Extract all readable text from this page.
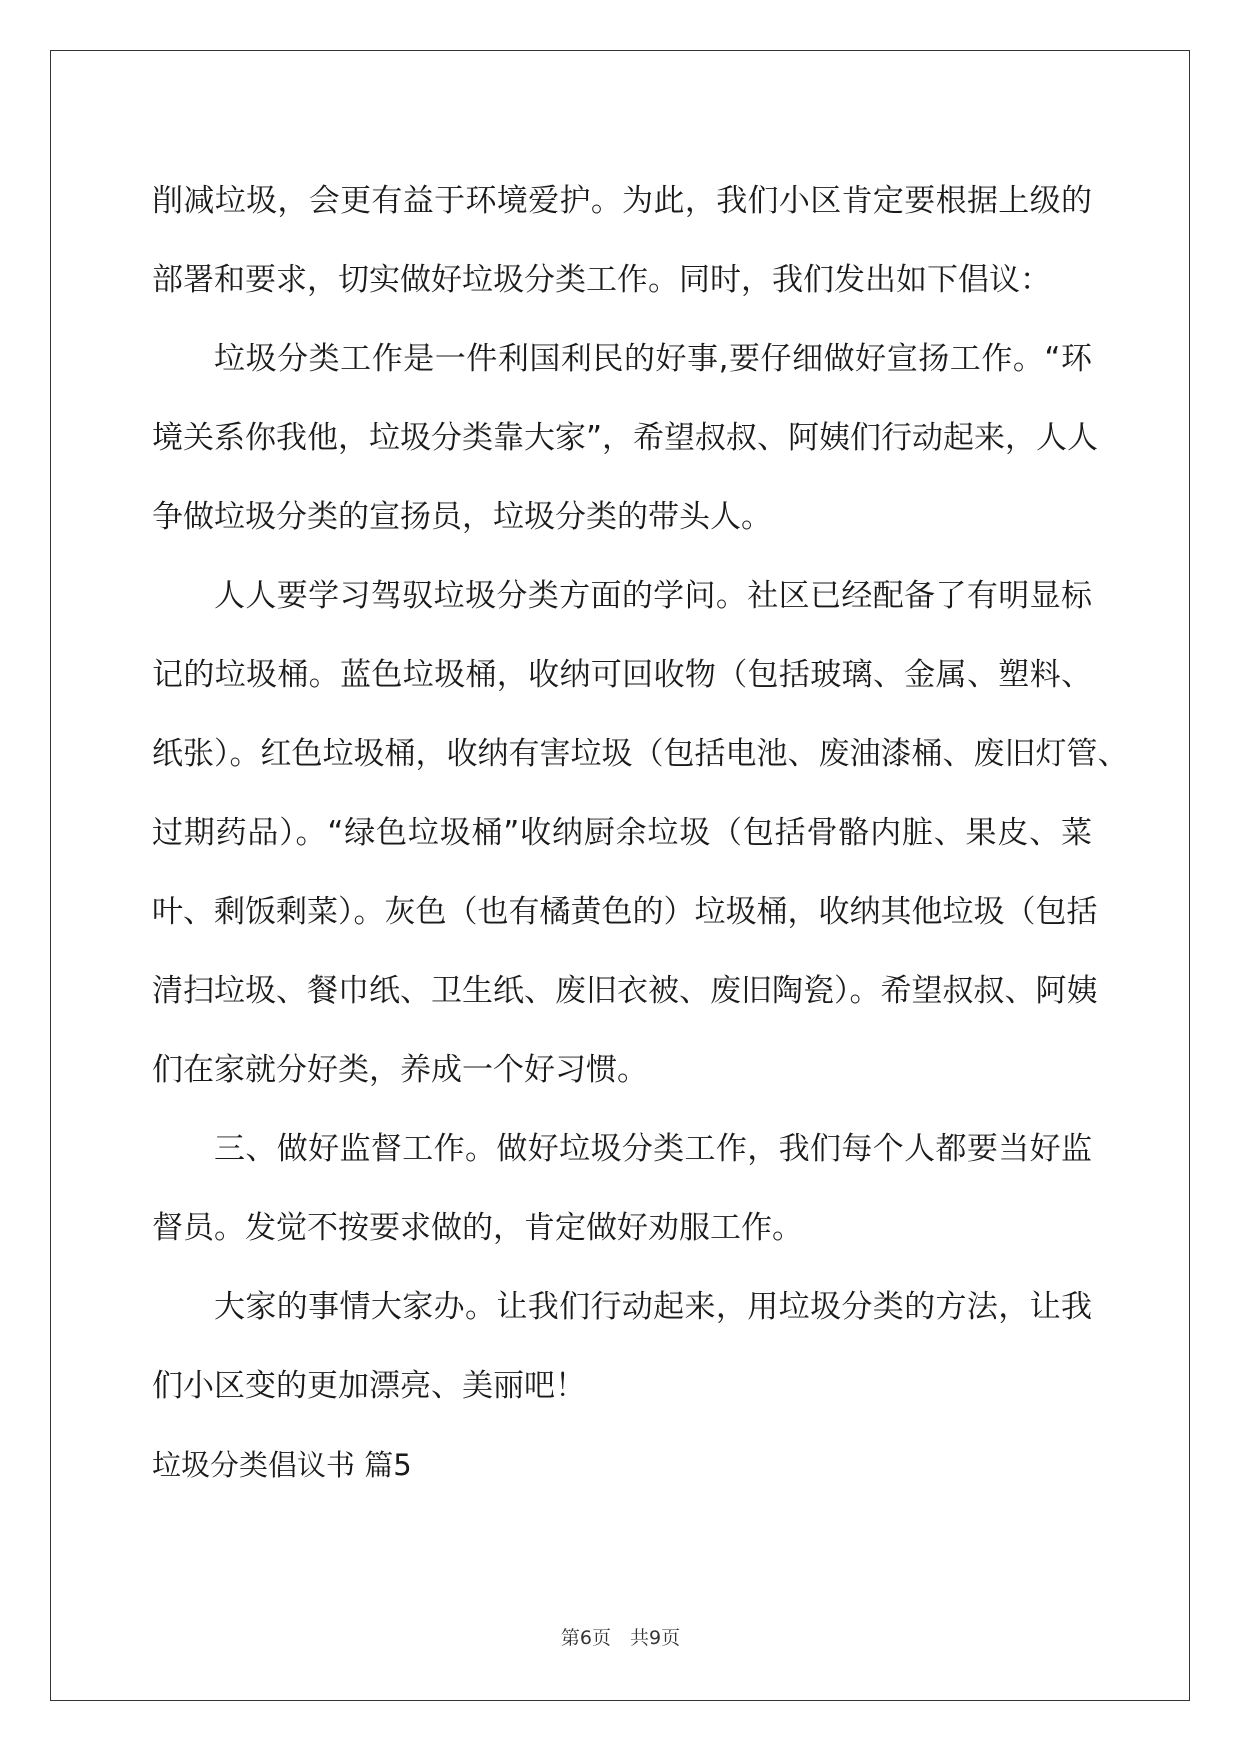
削减垃圾，会更有益于环境爱护。为此，我们小区肯定要根据上级的
部署和要求，切实做好垃圾分类工作。同时，我们发出如下倡议：
垃圾分类工作是一件利国利民的好事,要仔细做好宣扬工作。“环
境关系你我他，垃圾分类靠大家”，希望叔叔、阿姨们行动起来，人人
争做垃圾分类的宣扬员，垃圾分类的带头人。
人人要学习驾驭垃圾分类方面的学问。社区已经配备了有明显标
记的垃圾桶。蓝色垃圾桶，收纳可回收物（包括玻璃、金属、塑料、
纸张）。红色垃圾桶，收纳有害垃圾（包括电池、废油漆桶、废旧灯管、
过期药品）。“绿色垃圾桶”收纳厨余垃圾（包括骨骼内脏、果皮、菜
叶、剩饭剩菜）。灰色（也有橘黄色的）垃圾桶，收纳其他垃圾（包括
清扫垃圾、餐巾纸、卫生纸、废旧衣被、废旧陶瓷）。希望叔叔、阿姨
们在家就分好类，养成一个好习惯。
三、做好监督工作。做好垃圾分类工作，我们每个人都要当好监
督员。发觉不按要求做的，肯定做好劝服工作。
大家的事情大家办。让我们行动起来，用垃圾分类的方法，让我
们小区变的更加漂亮、美丽吧！
垃圾分类倡议书 篇5
第6页　共9页
